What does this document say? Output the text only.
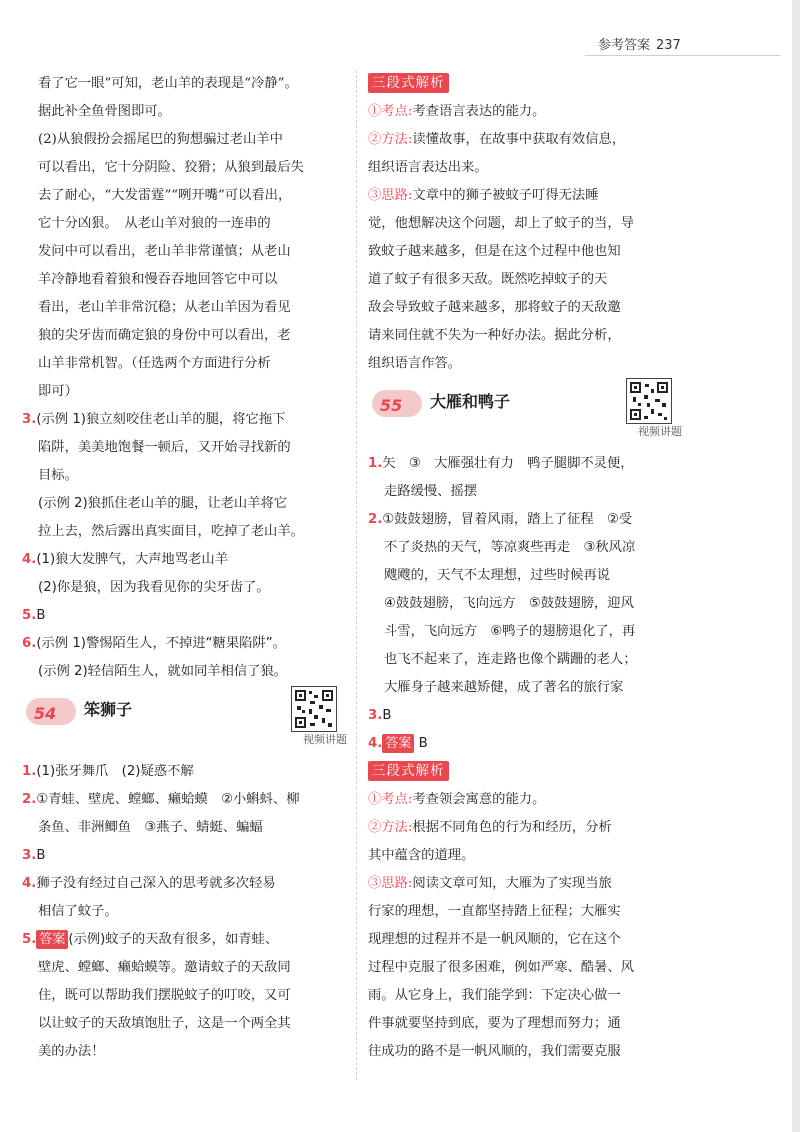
参考答案 237
看了它一眼”可知，老山羊的表现是“冷静”。
据此补全鱼骨图即可。
(2)从狼假扮会摇尾巴的狗想骗过老山羊中
可以看出，它十分阴险、狡猾；从狼到最后失
去了耐心，“大发雷霆”“咧开嘴”可以看出，
它十分凶狠。　从老山羊对狼的一连串的
发问中可以看出，老山羊非常谨慎；从老山
羊冷静地看着狼和慢吞吞地回答它中可以
看出，老山羊非常沉稳；从老山羊因为看见
狼的尖牙齿而确定狼的身份中可以看出，老
山羊非常机智。（任选两个方面进行分析
即可）
3.(示例 1)狼立刻咬住老山羊的腿，将它拖下
陷阱，美美地饱餐一顿后，又开始寻找新的
目标。
(示例 2)狼抓住老山羊的腿，让老山羊将它
拉上去，然后露出真实面目，吃掉了老山羊。
4.(1)狼大发脾气，大声地骂老山羊
(2)你是狼，因为我看见你的尖牙齿了。
5.B
6.(示例 1)警惕陌生人，不掉进“糖果陷阱”。
(示例 2)轻信陌生人，就如同羊相信了狼。
54 笨狮子
视频讲题
1.(1)张牙舞爪　(2)疑惑不解
2.①青蛙、壁虎、螳螂、癞蛤蟆　②小蝌蚪、柳
条鱼、非洲鲫鱼　③燕子、蜻蜓、蝙蝠
3.B
4.狮子没有经过自己深入的思考就多次轻易
相信了蚊子。
5. 答案 (示例)蚊子的天敌有很多，如青蛙、
壁虎、螳螂、癞蛤蟆等。邀请蚊子的天敌同
住，既可以帮助我们摆脱蚊子的叮咬，又可
以让蚊子的天敌填饱肚子，这是一个两全其
美的办法！
三段式解析
①考点:考查语言表达的能力。
②方法:读懂故事，在故事中获取有效信息，
组织语言表达出来。
③思路:文章中的狮子被蚊子叮得无法睡
觉，他想解决这个问题，却上了蚊子的当，导
致蚊子越来越多，但是在这个过程中他也知
道了蚊子有很多天敌。既然吃掉蚊子的天
敌会导致蚊子越来越多，那将蚊子的天敌邀
请来同住就不失为一种好办法。据此分析，
组织语言作答。
55 大雁和鸭子
视频讲题
1.矢　③　大雁强壮有力　鸭子腿脚不灵便，
走路缓慢、摇摆
2.①鼓鼓翅膀，冒着风雨，踏上了征程　②受
不了炎热的天气，等凉爽些再走　③秋风凉
飕飕的，天气不太理想，过些时候再说
④鼓鼓翅膀，飞向远方　⑤鼓鼓翅膀，迎风
斗雪，飞向远方　⑥鸭子的翅膀退化了，再
也飞不起来了，连走路也像个蹒跚的老人；
大雁身子越来越矫健，成了著名的旅行家
3.B
4. 答案 B
三段式解析
①考点:考查领会寓意的能力。
②方法:根据不同角色的行为和经历，分析
其中蕴含的道理。
③思路:阅读文章可知，大雁为了实现当旅
行家的理想，一直都坚持踏上征程；大雁实
现理想的过程并不是一帆风顺的，它在这个
过程中克服了很多困难，例如严寒、酷暑、风
雨。从它身上，我们能学到：下定决心做一
件事就要坚持到底，要为了理想而努力；通
往成功的路不是一帆风顺的，我们需要克服
